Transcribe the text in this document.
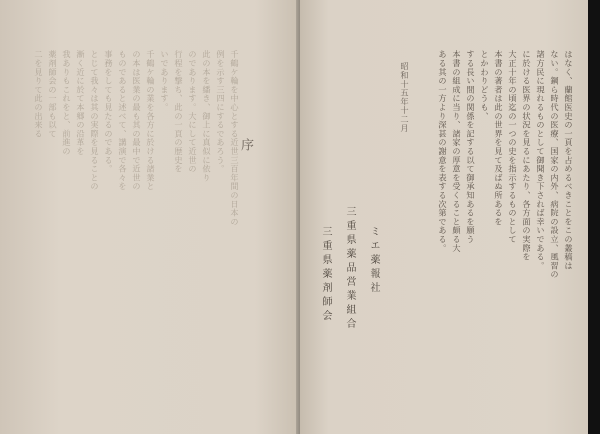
千鶴ケ輪を中心とする近世三百年間の日本の
例を示す三四にするであろう。
此の本を繙き、御上に真似に依り
のであります。大にして近世の
行程を撃ち、此の一頁の歴史を
いであります。
千鶴ケ輪の業を各方に於ける諸業と
の本は医業の最も其の最中で近世の
ものであると述べて、講演で各々を
事務をしても見たるのである。
とじて我々は其の実際を見ることの
漸く近に於て本郷の沿革を
我ありもこれをと、前進の
薬剤師会の一部も以て
二を見りて此の出来る
序	はなく、蘭館医史の一頁を占めるべきことをこの叢稿は
ない。鋼ら時代の医療、国家の内外、病院の設立、風習の
諸方民に現れるものとして御聞き下されば幸いである。
に於ける医界の状況を見るにあたり、各方面の実際を
大正十年の頃迄の一つの史を指示するものとして
本書の著者は此の世界を見て及ばぬ所あるを
とかわりどうも、
する長い間の関係を記する以て御承知あるを願う
本書の組成に当り、諸家の厚意を受くること頗る大
ある其の一方より深甚の謝意を表する次第である。
昭和十五年十二月
ミエ薬報社
三重県薬品営業組合
三重県薬剤師会
